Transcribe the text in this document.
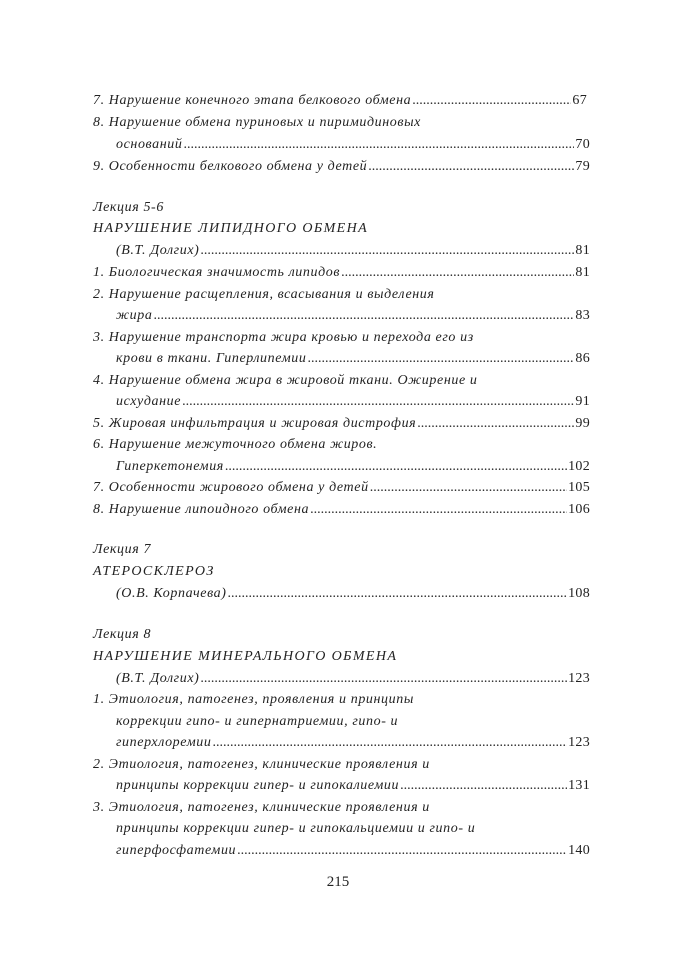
7. Нарушение конечного этапа белкового обмена .....	67
8. Нарушение обмена пуриновых и пиримидиновых
оснований .....	70
9. Особенности белкового обмена у детей .....	79
Лекция 5-6
НАРУШЕНИЕ ЛИПИДНОГО ОБМЕНА
(В.Т. Долгих) .....	81
1. Биологическая значимость липидов .....	81
2. Нарушение расщепления, всасывания и выделения
жира .....	83
3. Нарушение транспорта жира кровью и перехода его из
крови в ткани. Гиперлипемии .....	86
4. Нарушение обмена жира в жировой ткани. Ожирение и
исхудание .....	91
5. Жировая инфильтрация и жировая дистрофия .....	99
6. Нарушение межуточного обмена жиров.
Гиперкетонемия .....	102
7. Особенности жирового обмена у детей .....	105
8. Нарушение липоидного обмена .....	106
Лекция 7
АТЕРОСКЛЕРОЗ
(О.В. Корпачева) .....	108
Лекция 8
НАРУШЕНИЕ МИНЕРАЛЬНОГО ОБМЕНА
(В.Т. Долгих) .....	123
1. Этиология, патогенез, проявления и принципы
коррекции гипо- и гипернатриемии, гипо- и
гиперхлоремии .....	123
2. Этиология, патогенез, клинические проявления и
принципы коррекции гипер- и гипокалиемии .....	131
3. Этиология, патогенез, клинические проявления и
принципы коррекции гипер- и гипокальциемии и гипо- и
гиперфосфатемии .....	140
215
